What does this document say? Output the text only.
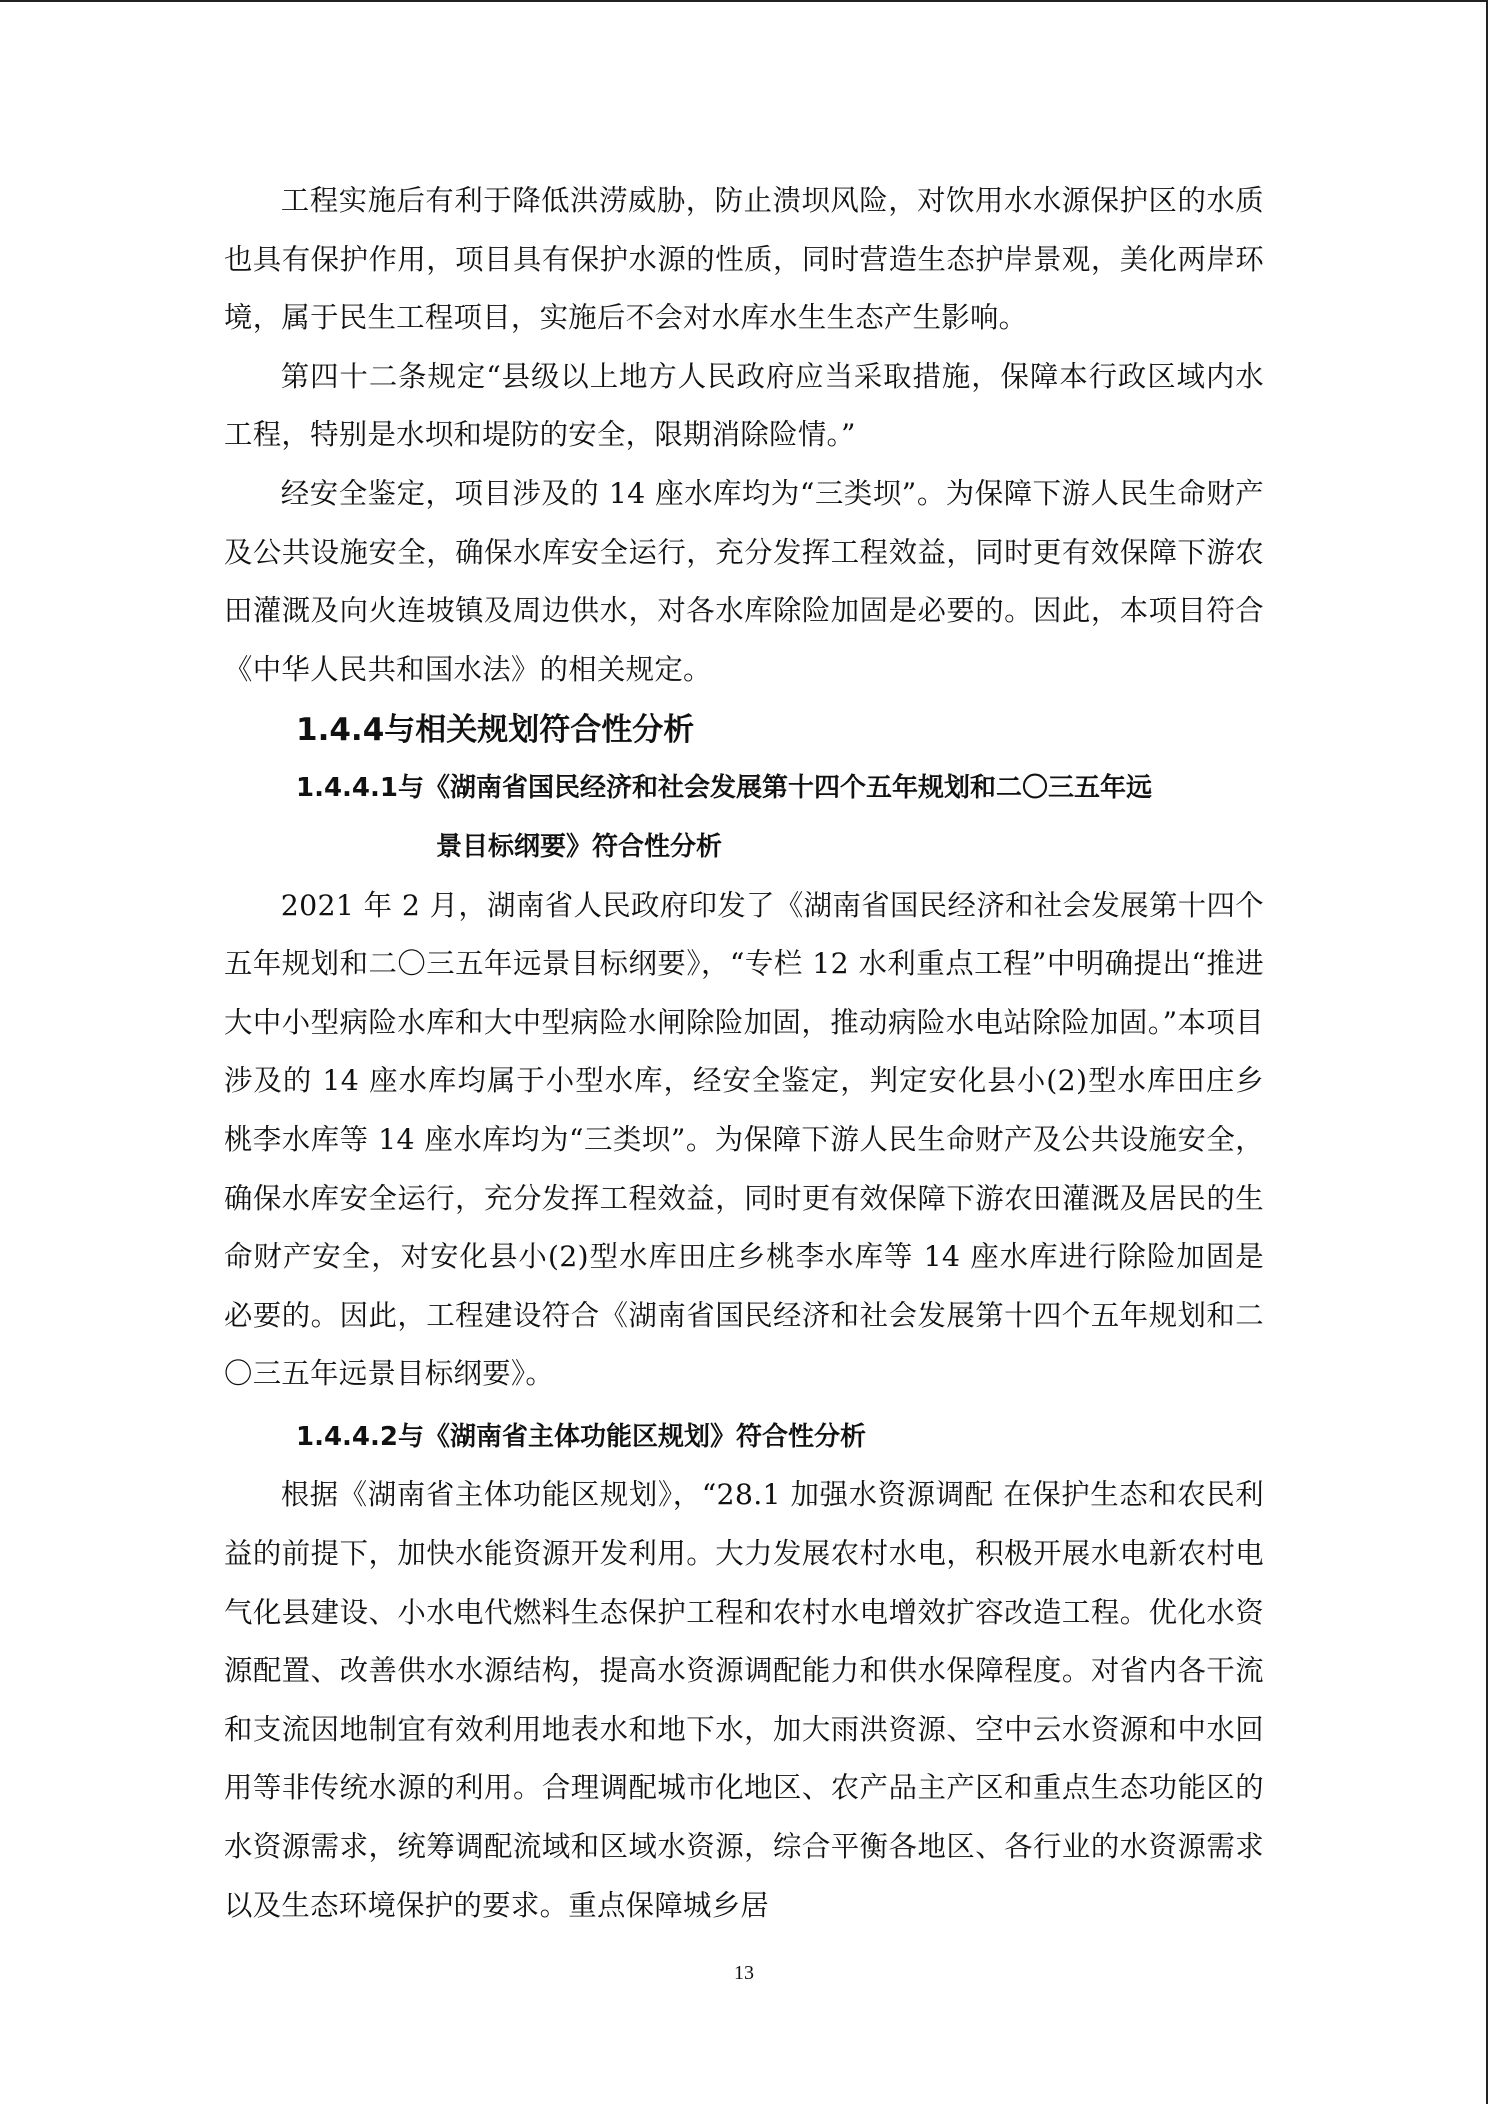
工程实施后有利于降低洪涝威胁，防止溃坝风险，对饮用水水源保护区的水质也具有保护作用，项目具有保护水源的性质，同时营造生态护岸景观，美化两岸环境，属于民生工程项目，实施后不会对水库水生生态产生影响。

第四十二条规定“县级以上地方人民政府应当采取措施，保障本行政区域内水工程，特别是水坝和堤防的安全，限期消除险情。”

经安全鉴定，项目涉及的 14 座水库均为“三类坝”。为保障下游人民生命财产及公共设施安全，确保水库安全运行，充分发挥工程效益，同时更有效保障下游农田灌溉及向火连坡镇及周边供水，对各水库除险加固是必要的。因此，本项目符合《中华人民共和国水法》的相关规定。

1.4.4与相关规划符合性分析
1.4.4.1与《湖南省国民经济和社会发展第十四个五年规划和二〇三五年远
景目标纲要》符合性分析

2021 年 2 月，湖南省人民政府印发了《湖南省国民经济和社会发展第十四个五年规划和二〇三五年远景目标纲要》，“专栏 12 水利重点工程”中明确提出“推进大中小型病险水库和大中型病险水闸除险加固，推动病险水电站除险加固。”本项目涉及的 14 座水库均属于小型水库，经安全鉴定，判定安化县小(2)型水库田庄乡桃李水库等 14 座水库均为“三类坝”。为保障下游人民生命财产及公共设施安全，确保水库安全运行，充分发挥工程效益，同时更有效保障下游农田灌溉及居民的生命财产安全，对安化县小(2)型水库田庄乡桃李水库等 14 座水库进行除险加固是必要的。因此，工程建设符合《湖南省国民经济和社会发展第十四个五年规划和二〇三五年远景目标纲要》。

1.4.4.2与《湖南省主体功能区规划》符合性分析

根据《湖南省主体功能区规划》，“28.1 加强水资源调配 在保护生态和农民利益的前提下，加快水能资源开发利用。大力发展农村水电，积极开展水电新农村电气化县建设、小水电代燃料生态保护工程和农村水电增效扩容改造工程。优化水资源配置、改善供水水源结构，提高水资源调配能力和供水保障程度。对省内各干流和支流因地制宜有效利用地表水和地下水，加大雨洪资源、空中云水资源和中水回用等非传统水源的利用。合理调配城市化地区、农产品主产区和重点生态功能区的水资源需求，统筹调配流域和区域水资源，综合平衡各地区、各行业的水资源需求以及生态环境保护的要求。重点保障城乡居

13
